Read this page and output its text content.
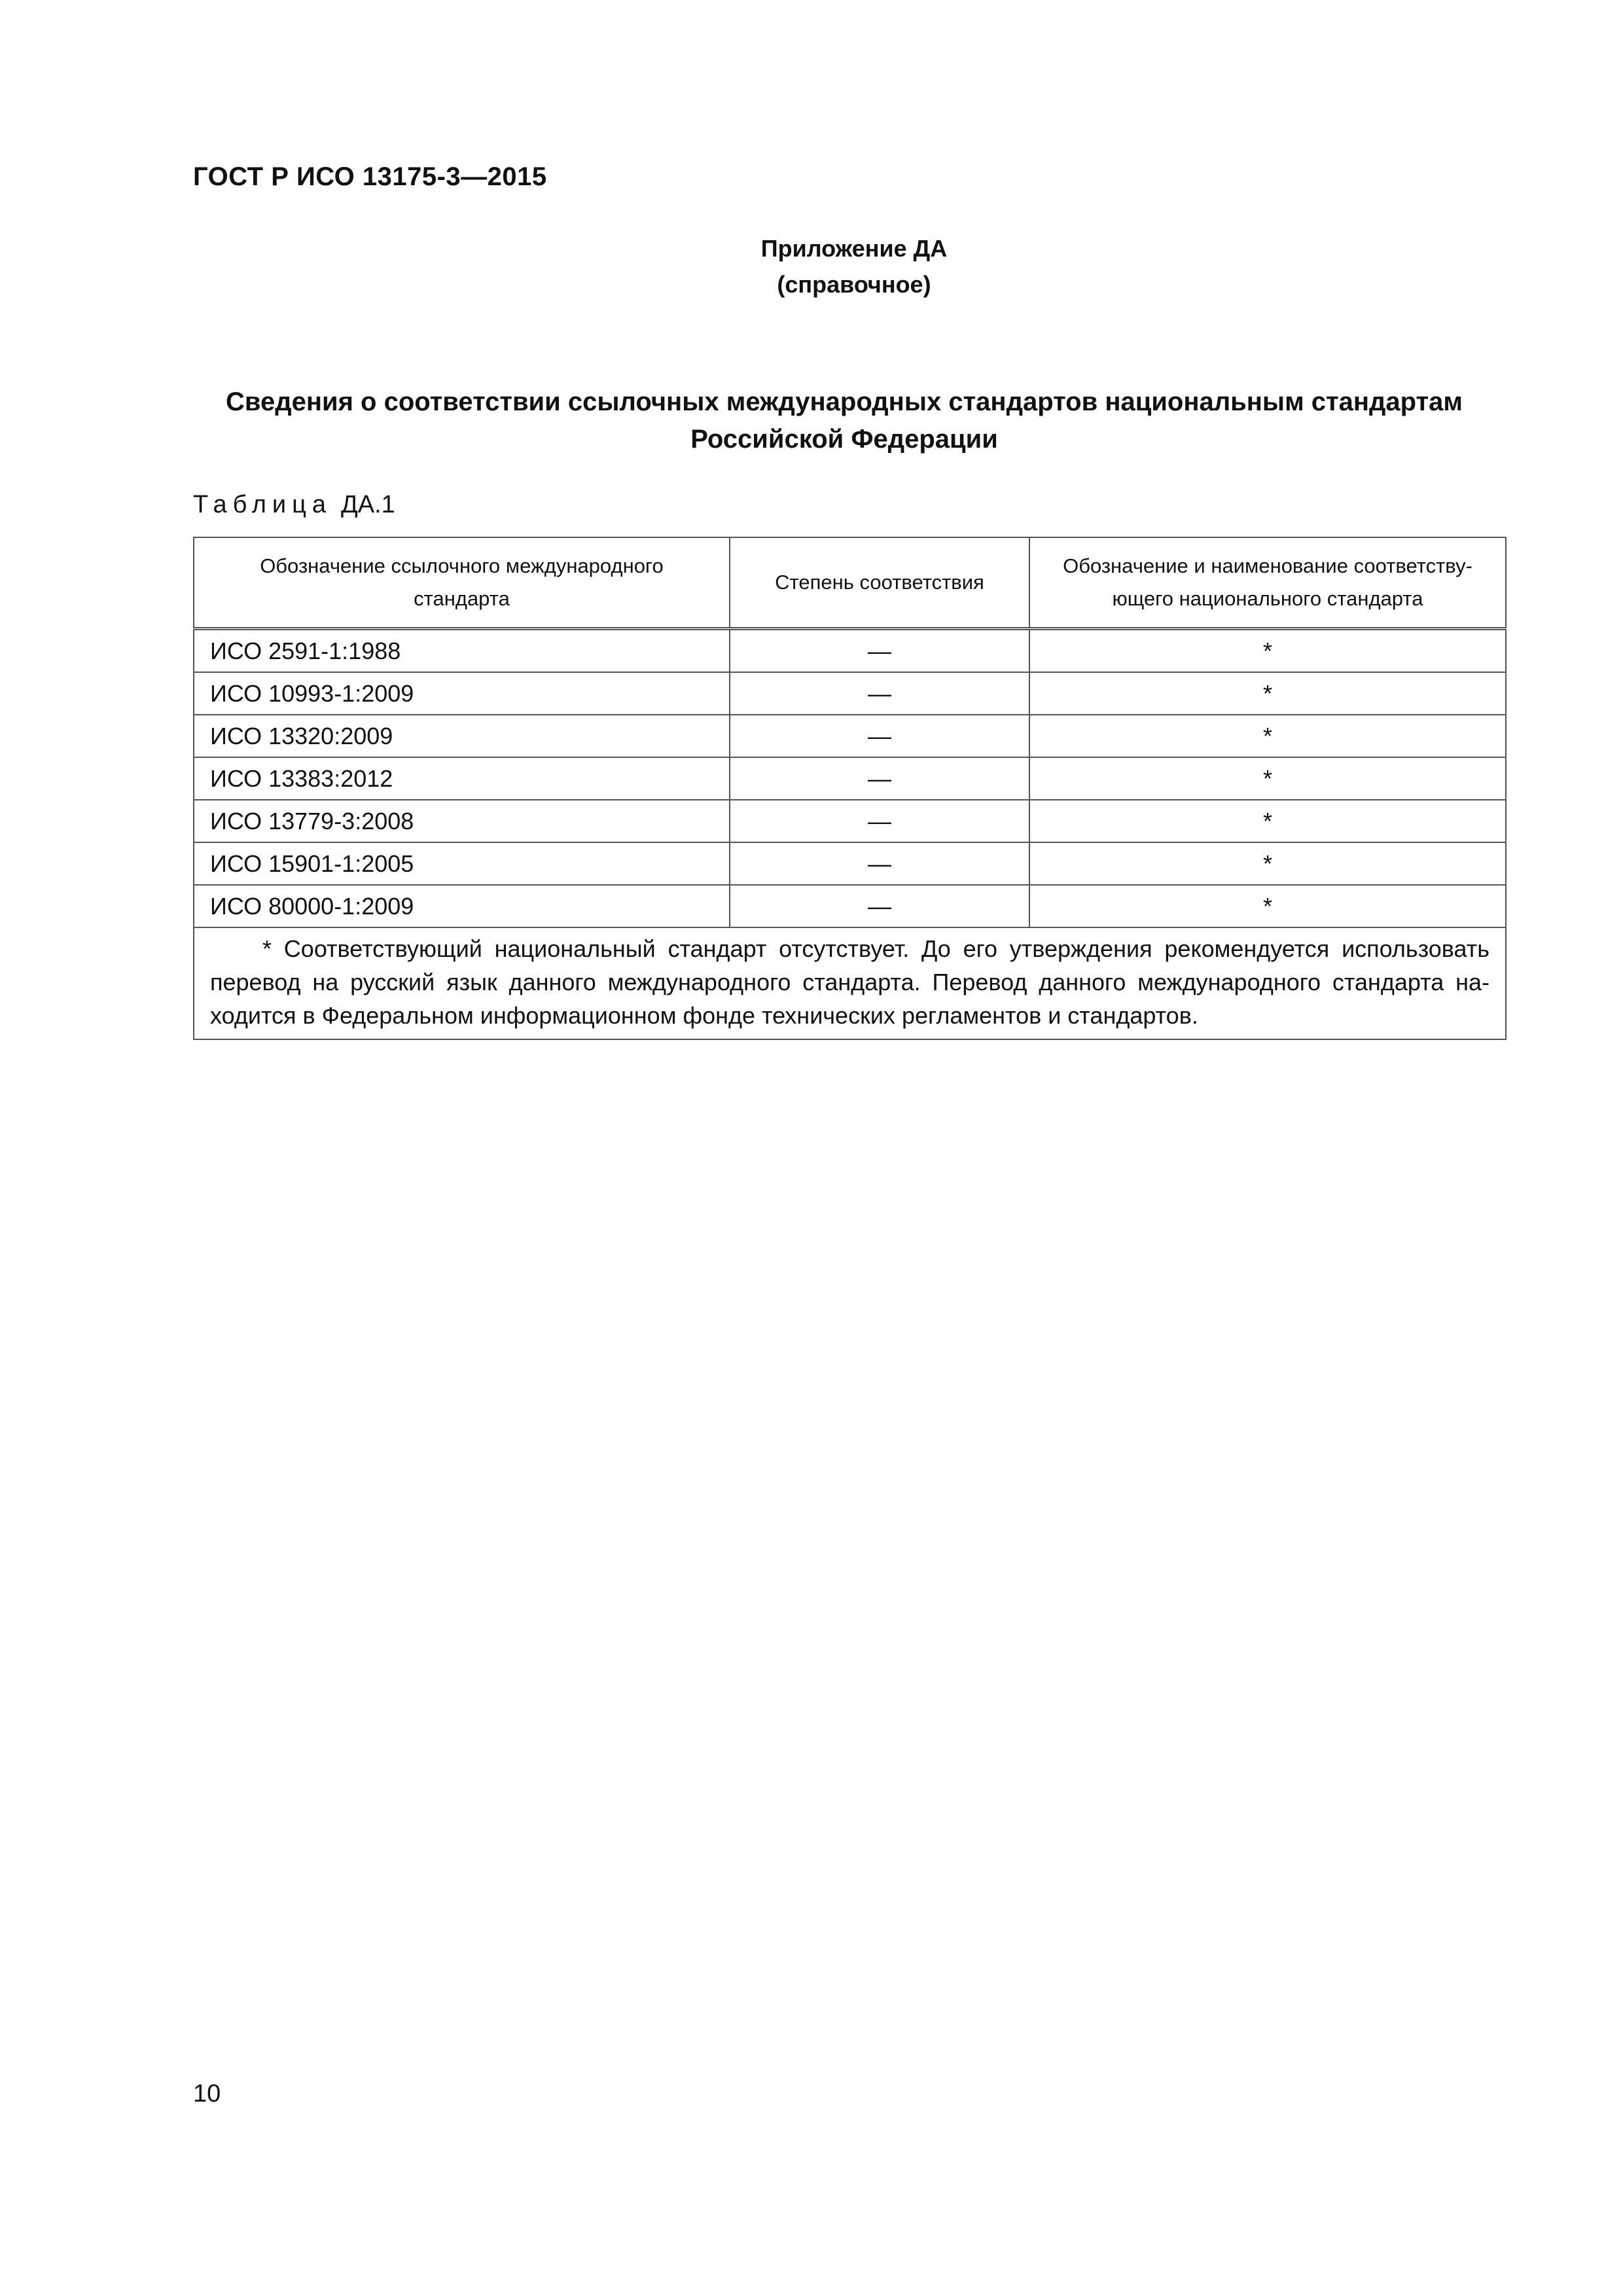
ГОСТ Р ИСО 13175-3—2015
Приложение ДА
(справочное)
Сведения о соответствии ссылочных международных стандартов национальным стандартам Российской Федерации
Таблица ДА.1
Обозначение ссылочного международного стандарта	Степень соответствия	Обозначение и наименование соответству-ющего национального стандарта
ИСО 2591-1:1988	—	*
ИСО 10993-1:2009	—	*
ИСО 13320:2009	—	*
ИСО 13383:2012	—	*
ИСО 13779-3:2008	—	*
ИСО 15901-1:2005	—	*
ИСО 80000-1:2009	—	*
* Соответствующий национальный стандарт отсутствует. До его утверждения рекомендуется использовать перевод на русский язык данного международного стандарта. Перевод данного международного стандарта на-ходится в Федеральном информационном фонде технических регламентов и стандартов.		
10
